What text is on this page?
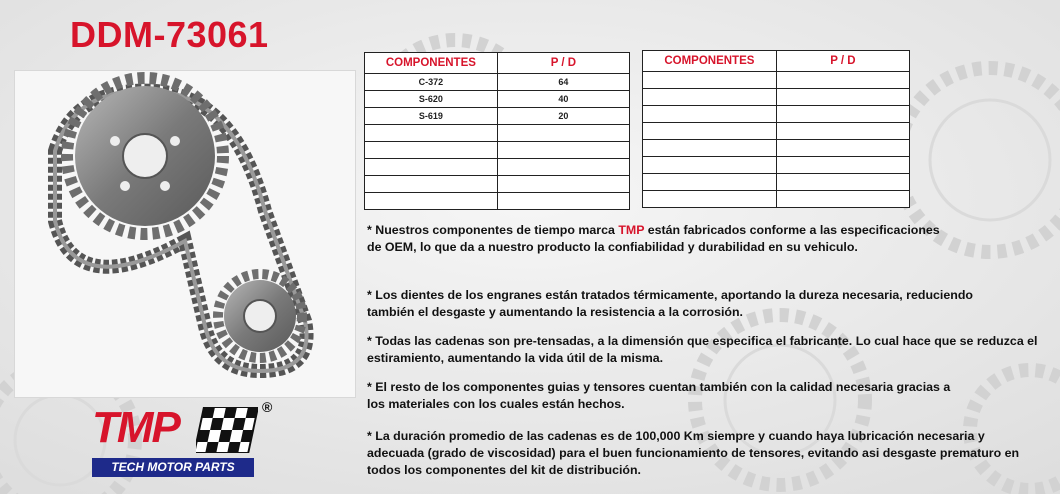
DDM-73061
COMPONENTES	P / D
C-372	64
S-620	40
S-619	20

COMPONENTES	P / D

* Nuestros componentes de tiempo marca TMP están fabricados conforme a las especificaciones de OEM, lo que da a nuestro producto la confiabilidad y durabilidad en su vehiculo.

* Los dientes de los engranes están tratados térmicamente, aportando la dureza necesaria, reduciendo también el desgaste y aumentando la resistencia a la corrosión.

* Todas las cadenas son pre-tensadas, a la dimensión que especifica el fabricante. Lo cual hace que se reduzca el estiramiento, aumentando la vida útil de la misma.

* El resto de los componentes guias y tensores cuentan también con la calidad necesaria gracias a los materiales con los cuales están hechos.

* La duración promedio de las cadenas es de 100,000 Km siempre y cuando haya lubricación necesaria y adecuada (grado de viscosidad) para el buen funcionamiento de tensores, evitando asi desgaste prematuro en todos los componentes del kit de distribución.

TMP	®
TECH MOTOR PARTS
